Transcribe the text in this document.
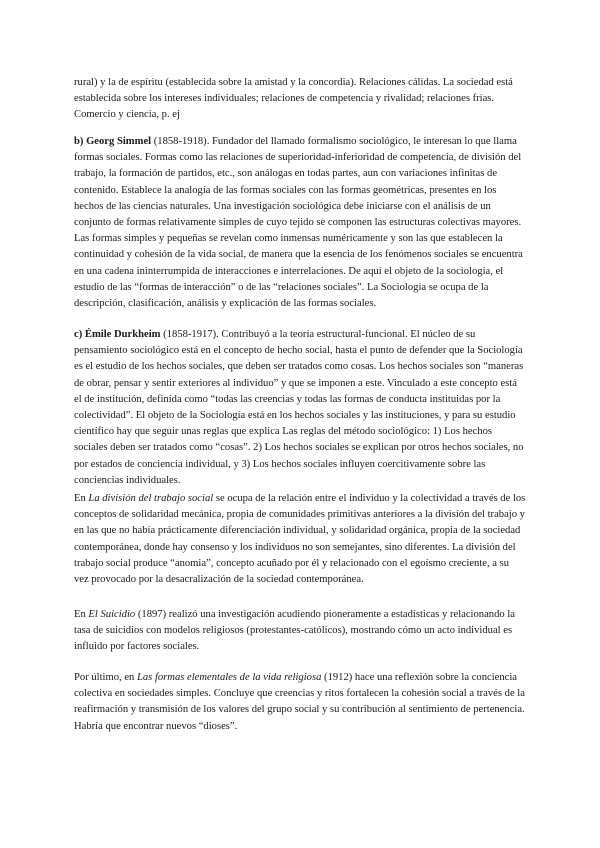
rural) y la de espíritu (establecida sobre la amistad y la concordia). Relaciones cálidas. La sociedad está establecida sobre los intereses individuales; relaciones de competencia y rivalidad; relaciones frías. Comercio y ciencia, p. ej

b) Georg Simmel (1858-1918). Fundador del llamado formalismo sociológico, le interesan lo que llama formas sociales. Formas como las relaciones de superioridad-inferioridad de competencia, de división del trabajo, la formación de partidos, etc., son análogas en todas partes, aun con variaciones infinitas de contenido. Establece la analogía de las formas sociales con las formas geométricas, presentes en los hechos de las ciencias naturales. Una investigación sociológica debe iniciarse con el análisis de un conjunto de formas relativamente simples de cuyo tejido se componen las estructuras colectivas mayores. Las formas simples y pequeñas se revelan como inmensas numéricamente y son las que establecen la continuidad y cohesión de la vida social, de manera que la esencia de los fenómenos sociales se encuentra en una cadena ininterrumpida de interacciones e interrelaciones. De aquí el objeto de la sociología, el estudio de las “formas de interacción” o de las “relaciones sociales”. La Sociología se ocupa de la descripción, clasificación, análisis y explicación de las formas sociales.

c) Émile Durkheim (1858-1917). Contribuyó a la teoría estructural-funcional. El núcleo de su pensamiento sociológico está en el concepto de hecho social, hasta el punto de defender que la Sociología es el estudio de los hechos sociales, que deben ser tratados como cosas. Los hechos sociales son “maneras de obrar, pensar y sentir exteriores al individuo” y que se imponen a este. Vinculado a este concepto está el de institución, definida como “todas las creencias y todas las formas de conducta instituidas por la colectividad”. El objeto de la Sociología está en los hechos sociales y las instituciones, y para su estudio científico hay que seguir unas reglas que explica Las reglas del método sociológico: 1) Los hechos sociales deben ser tratados como “cosas”. 2) Los hechos sociales se explican por otros hechos sociales, no por estados de conciencia individual, y 3) Los hechos sociales influyen coercitivamente sobre las conciencias individuales.

En La división del trabajo social se ocupa de la relación entre el individuo y la colectividad a través de los conceptos de solidaridad mecánica, propia de comunidades primitivas anteriores a la división del trabajo y en las que no había prácticamente diferenciación individual, y solidaridad orgánica, propia de la sociedad contemporánea, donde hay consenso y los individuos no son semejantes, sino diferentes. La división del trabajo social produce “anomia”, concepto acuñado por él y relacionado con el egoísmo creciente, a su vez provocado por la desacralización de la sociedad contemporánea.

En El Suicidio (1897) realizó una investigación acudiendo pioneramente a estadísticas y relacionando la tasa de suicidios con modelos religiosos (protestantes-católicos), mostrando cómo un acto individual es influido por factores sociales.

Por último, en Las formas elementales de la vida religiosa (1912) hace una reflexión sobre la conciencia colectiva en sociedades simples. Concluye que creencias y ritos fortalecen la cohesión social a través de la reafirmación y transmisión de los valores del grupo social y su contribución al sentimiento de pertenencia. Habría que encontrar nuevos “dioses”.
